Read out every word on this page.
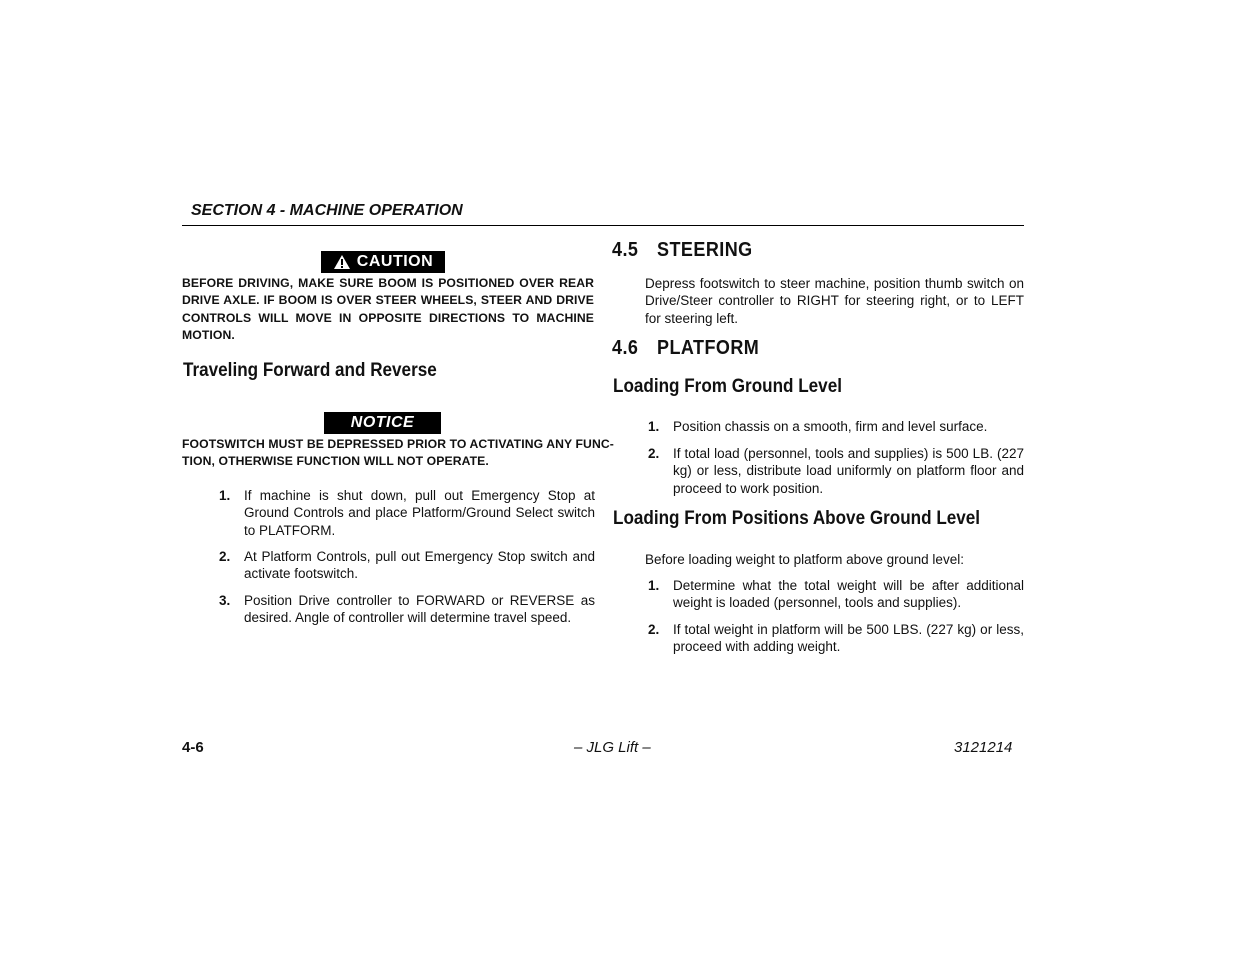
SECTION 4 - MACHINE OPERATION
CAUTION
BEFORE DRIVING, MAKE SURE BOOM IS POSITIONED OVER REAR DRIVE AXLE. IF BOOM IS OVER STEER WHEELS, STEER AND DRIVE CONTROLS WILL MOVE IN OPPOSITE DIRECTIONS TO MACHINE MOTION.
Traveling Forward and Reverse
NOTICE
FOOTSWITCH MUST BE DEPRESSED PRIOR TO ACTIVATING ANY FUNC-
TION, OTHERWISE FUNCTION WILL NOT OPERATE.
1.	If machine is shut down, pull out Emergency Stop at Ground Controls and place Platform/Ground Select switch to PLATFORM.
2.	At Platform Controls, pull out Emergency Stop switch and activate footswitch.
3.	Position Drive controller to FORWARD or REVERSE as desired. Angle of controller will determine travel speed.
4.5 STEERING
Depress footswitch to steer machine, position thumb switch on Drive/Steer controller to RIGHT for steering right, or to LEFT for steering left.
4.6 PLATFORM
Loading From Ground Level
1.	Position chassis on a smooth, firm and level surface.
2.	If total load (personnel, tools and supplies) is 500 LB. (227 kg) or less, distribute load uniformly on platform floor and proceed to work position.
Loading From Positions Above Ground Level
Before loading weight to platform above ground level:
1.	Determine what the total weight will be after additional weight is loaded (personnel, tools and supplies).
2.	If total weight in platform will be 500 LBS. (227 kg) or less, proceed with adding weight.
4-6	– JLG Lift –	3121214
